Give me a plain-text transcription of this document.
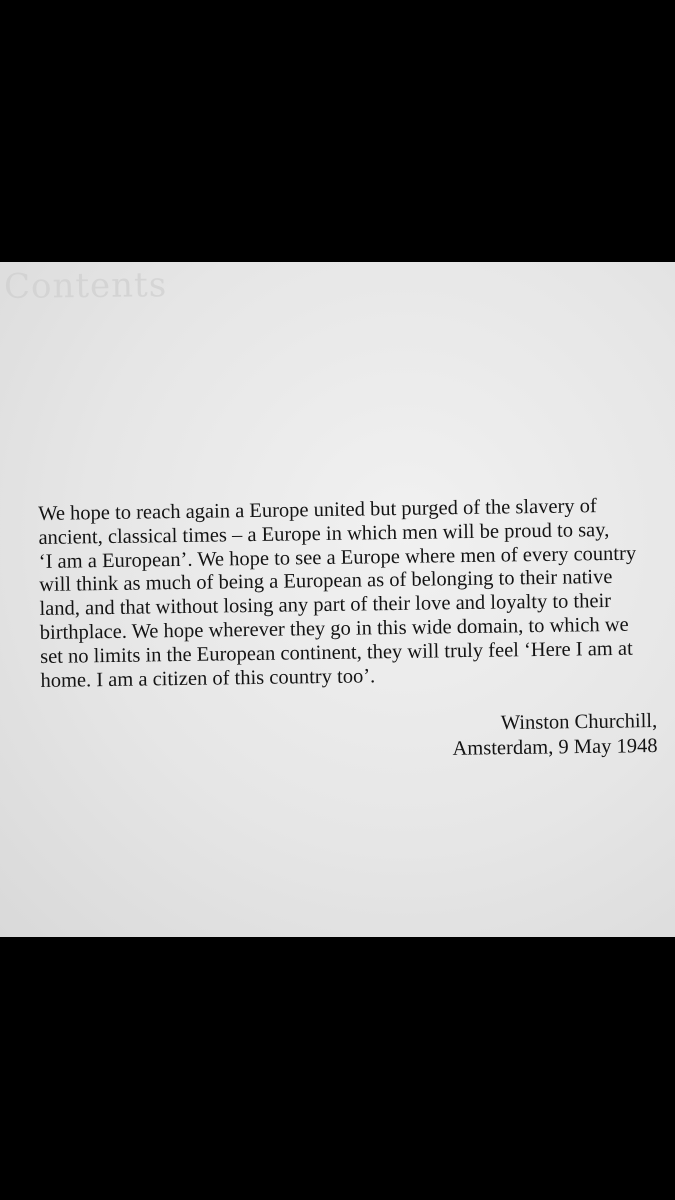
Contents

We hope to reach again a Europe united but purged of the slavery of
ancient, classical times – a Europe in which men will be proud to say,
‘I am a European’. We hope to see a Europe where men of every country
will think as much of being a European as of belonging to their native
land, and that without losing any part of their love and loyalty to their
birthplace. We hope wherever they go in this wide domain, to which we
set no limits in the European continent, they will truly feel ‘Here I am at
home. I am a citizen of this country too’.

Winston Churchill,
Amsterdam, 9 May 1948
